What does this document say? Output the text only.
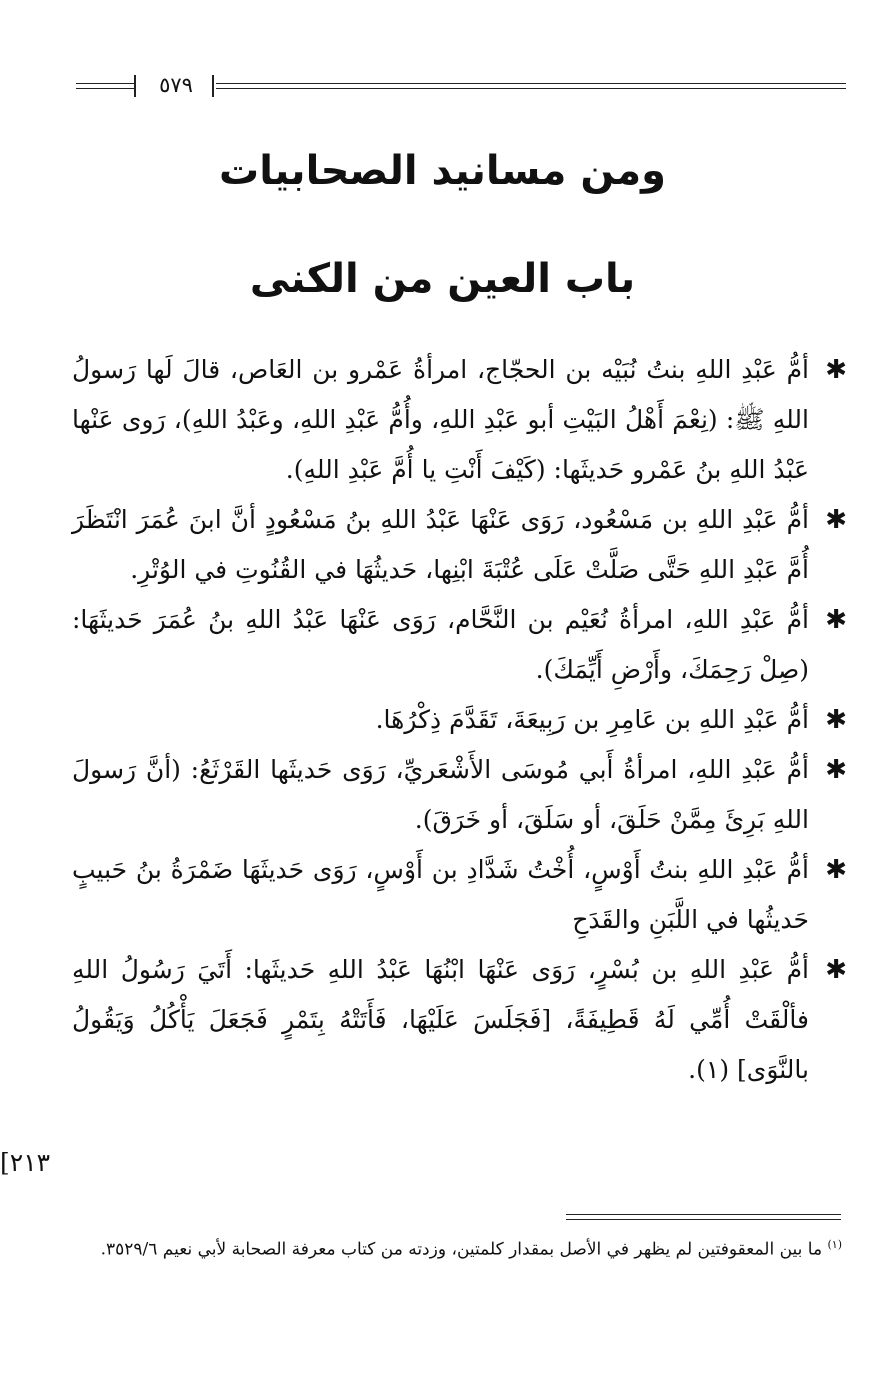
٥٧٩
ومن مسانيد الصحابيات
باب العين من الكنى
✱
أمُّ عَبْدِ اللهِ بنتُ نُبَيْه بن الحجّاج، امرأةُ عَمْرو بن العَاص، قالَ لَها رَسولُ اللهِ ﷺ: (نِعْمَ أَهْلُ البَيْتِ أبو عَبْدِ اللهِ، وأُمُّ عَبْدِ اللهِ، وعَبْدُ اللهِ)، رَوى عَنْها عَبْدُ اللهِ بنُ عَمْرو حَديثَها: (كَيْفَ أَنْتِ يا أُمَّ عَبْدِ اللهِ).
✱
أمُّ عَبْدِ اللهِ بن مَسْعُود، رَوَى عَنْهَا عَبْدُ اللهِ بنُ مَسْعُودٍ أنَّ ابنَ عُمَرَ انْتَظَرَ أُمَّ عَبْدِ اللهِ حَتَّى صَلَّتْ عَلَى عُتْبَةَ ابْنِها، حَديثُهَا في القُنُوتِ في الوُتْرِ.
✱
أمُّ عَبْدِ اللهِ، امرأةُ نُعَيْم بن النَّحَّام، رَوَى عَنْهَا عَبْدُ اللهِ بنُ عُمَرَ حَديثَهَا: (صِلْ رَحِمَكَ، وأَرْضِ أَيِّمَكَ).
✱
أمُّ عَبْدِ اللهِ بن عَامِرِ بن رَبِيعَةَ، تَقَدَّمَ ذِكْرُهَا.
✱
أمُّ عَبْدِ اللهِ، امرأةُ أَبي مُوسَى الأَشْعَريِّ، رَوَى حَديثَها القَرْثَعُ: (أنَّ رَسولَ اللهِ بَرِئَ مِمَّنْ حَلَقَ، أو سَلَقَ، أو خَرَقَ).
✱
أمُّ عَبْدِ اللهِ بنتُ أَوْسٍ، أُخْتُ شَدَّادِ بن أَوْسٍ، رَوَى حَديثَهَا ضَمْرَةُ بنُ حَبيبٍ حَديثُها في اللَّبَنِ والقَدَحِ
✱
أمُّ عَبْدِ اللهِ بن بُسْرٍ، رَوَى عَنْهَا ابْنُهَا عَبْدُ اللهِ حَديثَها: أَتَيَ رَسُولُ اللهِ فألْقَتْ أُمِّي لَهُ قَطِيفَةً، [فَجَلَسَ عَلَيْهَا، فَأَتَتْهُ بِتَمْرٍ فَجَعَلَ يَأْكُلُ وَيَقُولُ بالنَّوَى] (١).
٢١٣]
$^{(١)}$ ما بين المعقوفتين لم يظهر في الأصل بمقدار كلمتين، وزدته من كتاب معرفة الصحابة لأبي نعيم ٣٥٢٩/٦.
